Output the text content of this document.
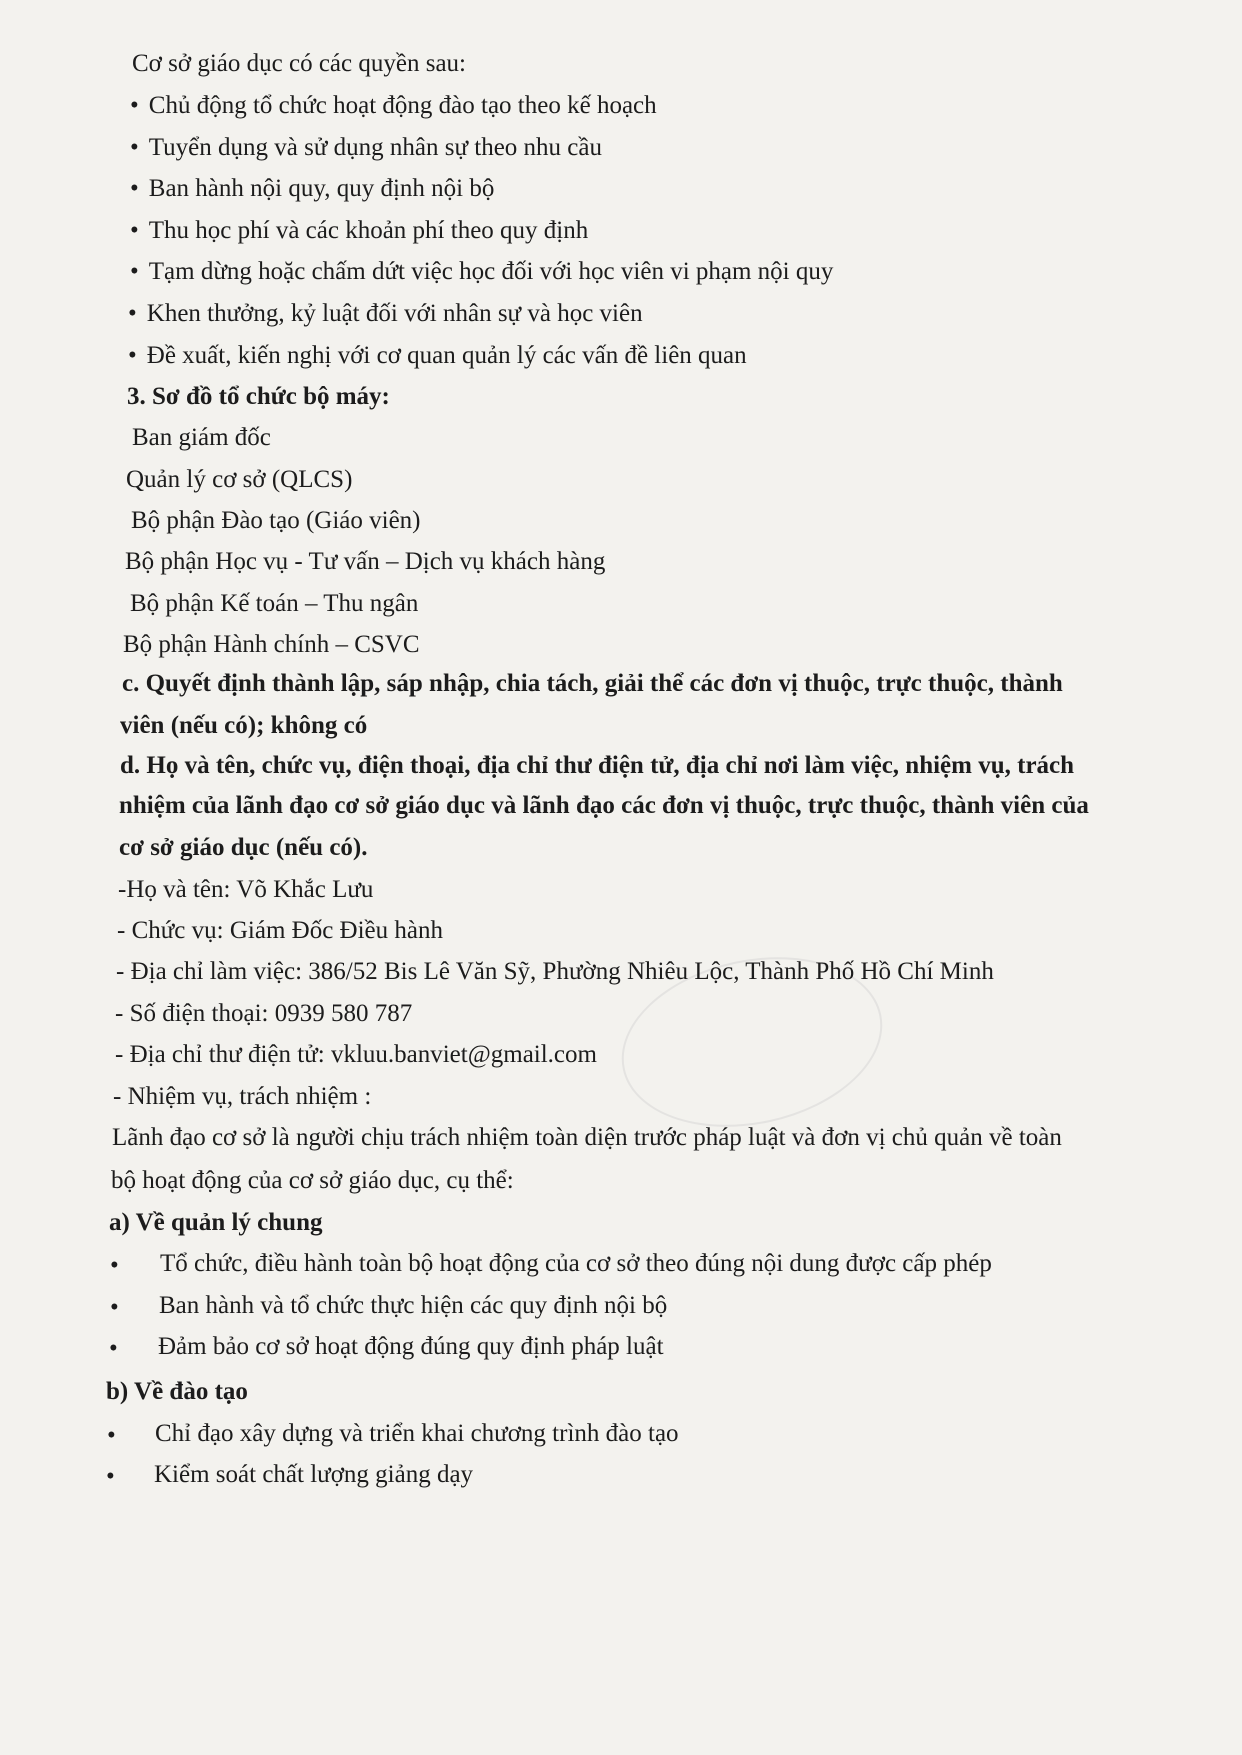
Cơ sở giáo dục có các quyền sau:
• Chủ động tổ chức hoạt động đào tạo theo kế hoạch
• Tuyển dụng và sử dụng nhân sự theo nhu cầu
• Ban hành nội quy, quy định nội bộ
• Thu học phí và các khoản phí theo quy định
• Tạm dừng hoặc chấm dứt việc học đối với học viên vi phạm nội quy
• Khen thưởng, kỷ luật đối với nhân sự và học viên
• Đề xuất, kiến nghị với cơ quan quản lý các vấn đề liên quan
3. Sơ đồ tổ chức bộ máy:
Ban giám đốc
Quản lý cơ sở (QLCS)
Bộ phận Đào tạo (Giáo viên)
Bộ phận Học vụ - Tư vấn – Dịch vụ khách hàng
Bộ phận Kế toán – Thu ngân
Bộ phận Hành chính – CSVC
c. Quyết định thành lập, sáp nhập, chia tách, giải thể các đơn vị thuộc, trực thuộc, thành
viên (nếu có); không có
d. Họ và tên, chức vụ, điện thoại, địa chỉ thư điện tử, địa chỉ nơi làm việc, nhiệm vụ, trách
nhiệm của lãnh đạo cơ sở giáo dục và lãnh đạo các đơn vị thuộc, trực thuộc, thành viên của
cơ sở giáo dục (nếu có).
-Họ và tên: Võ Khắc Lưu
- Chức vụ: Giám Đốc Điều hành
- Địa chỉ làm việc: 386/52 Bis Lê Văn Sỹ, Phường Nhiêu Lộc, Thành Phố Hồ Chí Minh
- Số điện thoại: 0939 580 787
- Địa chỉ thư điện tử: vkluu.banviet@gmail.com
- Nhiệm vụ, trách nhiệm :
Lãnh đạo cơ sở là người chịu trách nhiệm toàn diện trước pháp luật và đơn vị chủ quản về toàn
bộ hoạt động của cơ sở giáo dục, cụ thể:
a) Về quản lý chung
• Tổ chức, điều hành toàn bộ hoạt động của cơ sở theo đúng nội dung được cấp phép
• Ban hành và tổ chức thực hiện các quy định nội bộ
• Đảm bảo cơ sở hoạt động đúng quy định pháp luật
b) Về đào tạo
• Chỉ đạo xây dựng và triển khai chương trình đào tạo
• Kiểm soát chất lượng giảng dạy
